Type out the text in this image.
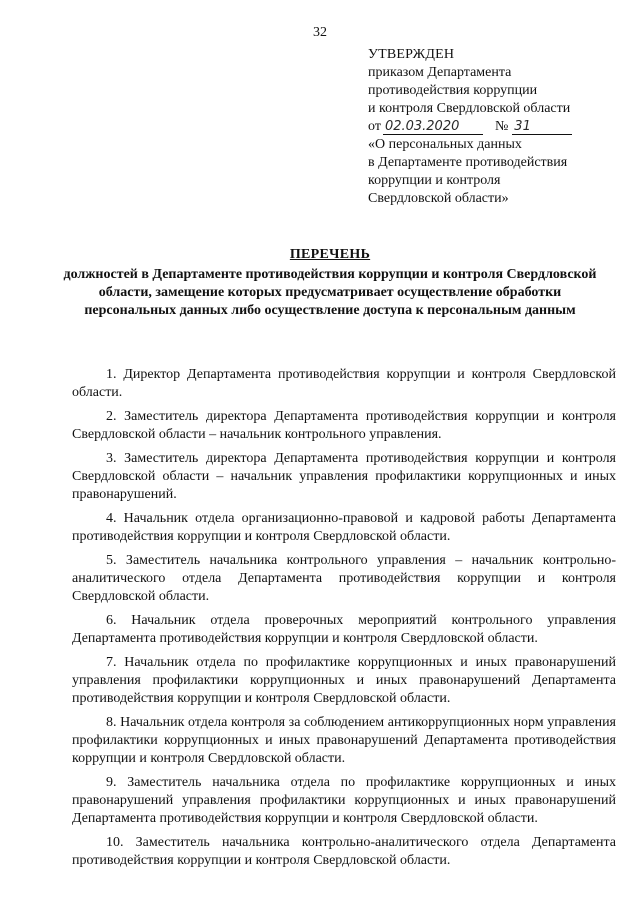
32
УТВЕРЖДЕН
приказом Департамента
противодействия коррупции
и контроля Свердловской области
от 02.03.2020	№ 31
«О персональных данных
в Департаменте противодействия
коррупции и контроля
Свердловской области»
ПЕРЕЧЕНЬ
должностей в Департаменте противодействия коррупции и контроля Свердловской области, замещение которых предусматривает осуществление обработки персональных данных либо осуществление доступа к персональным данным

1. Директор Департамента противодействия коррупции и контроля Свердловской области.

2. Заместитель директора Департамента противодействия коррупции и контроля Свердловской области – начальник контрольного управления.

3. Заместитель директора Департамента противодействия коррупции и контроля Свердловской области – начальник управления профилактики коррупционных и иных правонарушений.

4. Начальник отдела организационно-правовой и кадровой работы Департамента противодействия коррупции и контроля Свердловской области.

5. Заместитель начальника контрольного управления – начальник контрольно-аналитического отдела Департамента противодействия коррупции и контроля Свердловской области.

6. Начальник отдела проверочных мероприятий контрольного управления Департамента противодействия коррупции и контроля Свердловской области.

7. Начальник отдела по профилактике коррупционных и иных правонарушений управления профилактики коррупционных и иных правонарушений Департамента противодействия коррупции и контроля Свердловской области.

8. Начальник отдела контроля за соблюдением антикоррупционных норм управления профилактики коррупционных и иных правонарушений Департамента противодействия коррупции и контроля Свердловской области.

9. Заместитель начальника отдела по профилактике коррупционных и иных правонарушений управления профилактики коррупционных и иных правонарушений Департамента противодействия коррупции и контроля Свердловской области.

10. Заместитель начальника контрольно-аналитического отдела Департамента противодействия коррупции и контроля Свердловской области.
